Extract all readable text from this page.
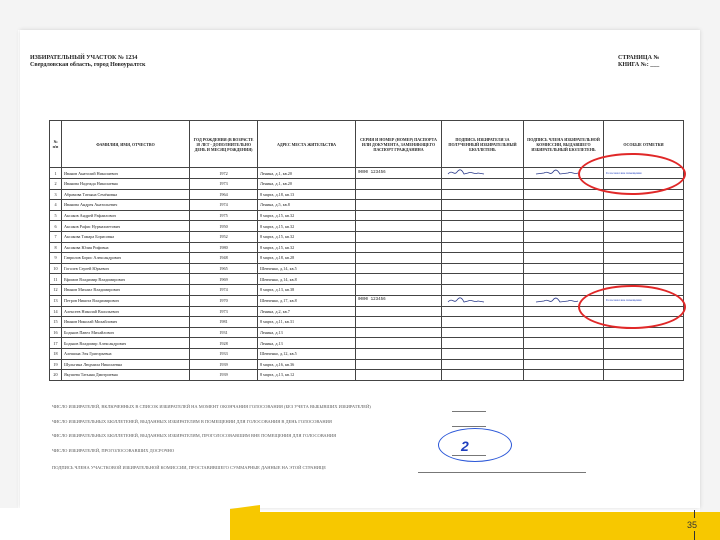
ИЗБИРАТЕЛЬНЫЙ УЧАСТОК № 1234
Свердловская область, город Новоуралтск
СТРАНИЦА №
КНИГА №: ___
№ п/п	ФАМИЛИЯ, ИМЯ, ОТЧЕСТВО	ГОД РОЖДЕНИЯ (В ВОЗРАСТЕ 18 ЛЕТ - ДОПОЛНИТЕЛЬНО ДЕНЬ И МЕСЯЦ РОЖДЕНИЯ)	АДРЕС МЕСТА ЖИТЕЛЬСТВА	СЕРИЯ И НОМЕР (НОМЕР) ПАСПОРТА ИЛИ ДОКУМЕНТА, ЗАМЕНЯЮЩЕГО ПАСПОРТ ГРАЖДАНИНА	ПОДПИСЬ ИЗБИРАТЕЛЯ ЗА ПОЛУЧЕННЫЙ ИЗБИРАТЕЛЬНЫЙ БЮЛЛЕТЕНЬ	ПОДПИСЬ ЧЛЕНА ИЗБИРАТЕЛЬНОЙ КОМИССИИ, ВЫДАВШЕГО ИЗБИРАТЕЛЬНЫЙ БЮЛЛЕТЕНЬ	ОСОБЫЕ ОТМЕТКИ
1	Иванов Анатолий Николаевич	1972	Ленина, д.1, кв.20	0000 123456			Голосовал вне помещения
2	Иванова Надежда Николаевна	1973	Ленина, д.1, кв.20				
3	Абрамова Татьяна Семёновна	1964	8 марта, д.18, кв.13				
4	Иванова Андрея Анатольевич	1974	Ленина, д.5, кв.8				
5	Аксаков Андрей Рафаилович	1975	8 марта, д.15, кв.32				
6	Аксаков Рафис Нурмахметович	1950	8 марта, д.15, кв.32				
7	Аксакова Тамара Борисовна	1952	8 марта, д.15, кв.32				
8	Аксакова Юлия Рифовна	1980	8 марта, д.15, кв.32				
9	Гаврилов Борис Александрович	1948	8 марта, д.18, кв.28				
10	Гоголев Сергей Юрьевич	1965	Шевченко, д.14, кв.5				
11	Ефимов Владимир Владимирович	1969	Шевченко, д.14, кв.8				
12	Иванов Михаил Владимирович	1974	8 марта, д.13, кв.38				
13	Петров Никита Владимирович	1970	Шевченко, д.17, кв.8	0000 123456			Голосовал вне помещения
14	Алексеев Николай Васильевич	1973	Ленина, д.2, кв.7				
15	Иванов Николай Михайлович	1981	8 марта, д.11, кв.31				
16	Бодьков Павел Михайлович	1931	Ленина, д.13				
17	Бодьков Владимир Александрович	1928	Ленина, д.13				
18	Алешина Эля Григорьевна	1933	Шевченко, д.12, кв.5				
19	Шульгина Людмила Николаевна	1939	8 марта, д.16, кв.36				
20	Якушева Татьяна Дмитриевна	1939	8 марта, д.13, кв.12				
ЧИСЛО ИЗБИРАТЕЛЕЙ, ВКЛЮЧЕННЫХ В СПИСОК ИЗБИРАТЕЛЕЙ НА МОМЕНТ ОКОНЧАНИЯ ГОЛОСОВАНИЯ (БЕЗ УЧЕТА ВЫБЫВШИХ ИЗБИРАТЕЛЕЙ)
ЧИСЛО ИЗБИРАТЕЛЬНЫХ БЮЛЛЕТЕНЕЙ, ВЫДАННЫХ ИЗБИРАТЕЛЯМ В ПОМЕЩЕНИИ ДЛЯ ГОЛОСОВАНИЯ В ДЕНЬ ГОЛОСОВАНИЯ
ЧИСЛО ИЗБИРАТЕЛЬНЫХ БЮЛЛЕТЕНЕЙ, ВЫДАННЫХ ИЗБИРАТЕЛЯМ, ПРОГОЛОСОВАВШИМ ВНЕ ПОМЕЩЕНИЯ ДЛЯ ГОЛОСОВАНИЯ
ЧИСЛО ИЗБИРАТЕЛЕЙ, ПРОГОЛОСОВАВШИХ ДОСРОЧНО
ПОДПИСЬ ЧЛЕНА УЧАСТКОВОЙ ИЗБИРАТЕЛЬНОЙ КОМИССИИ, ПРОСТАВИВШЕГО СУММАРНЫЕ ДАННЫЕ НА ЭТОЙ СТРАНИЦЕ
2
35
